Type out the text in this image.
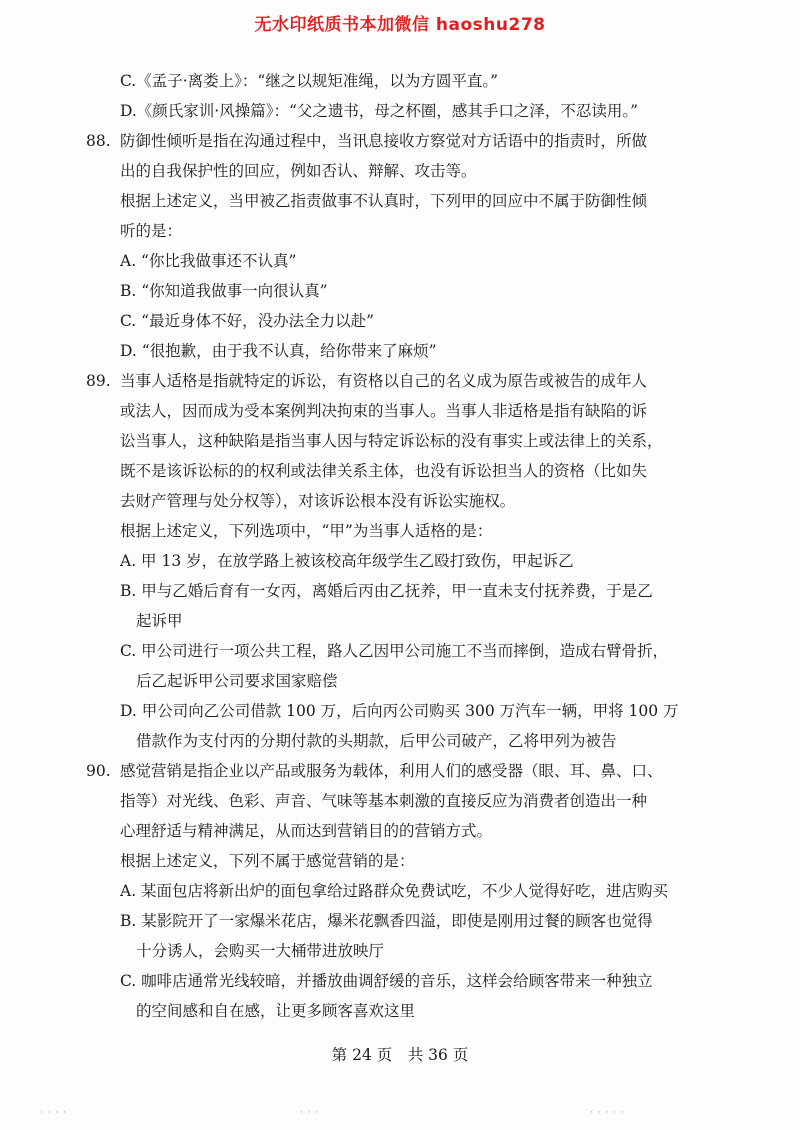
无水印纸质书本加微信 haoshu278
C.《孟子·离娄上》：“继之以规矩准绳，以为方圆平直。”
D.《颜氏家训·风操篇》：“父之遗书，母之杯圈，感其手口之泽，不忍读用。”
88. 防御性倾听是指在沟通过程中，当讯息接收方察觉对方话语中的指责时，所做
出的自我保护性的回应，例如否认、辩解、攻击等。
根据上述定义，当甲被乙指责做事不认真时，下列甲的回应中不属于防御性倾
听的是：
A. “你比我做事还不认真”
B. “你知道我做事一向很认真”
C. “最近身体不好，没办法全力以赴”
D. “很抱歉，由于我不认真，给你带来了麻烦”
89. 当事人适格是指就特定的诉讼，有资格以自己的名义成为原告或被告的成年人
或法人，因而成为受本案例判决拘束的当事人。当事人非适格是指有缺陷的诉
讼当事人，这种缺陷是指当事人因与特定诉讼标的没有事实上或法律上的关系，
既不是该诉讼标的的权利或法律关系主体，也没有诉讼担当人的资格（比如失
去财产管理与处分权等），对该诉讼根本没有诉讼实施权。
根据上述定义，下列选项中，“甲”为当事人适格的是：
A. 甲 13 岁，在放学路上被该校高年级学生乙殴打致伤，甲起诉乙
B. 甲与乙婚后育有一女丙，离婚后丙由乙抚养，甲一直未支付抚养费，于是乙
起诉甲
C. 甲公司进行一项公共工程，路人乙因甲公司施工不当而摔倒，造成右臂骨折，
后乙起诉甲公司要求国家赔偿
D. 甲公司向乙公司借款 100 万，后向丙公司购买 300 万汽车一辆，甲将 100 万
借款作为支付丙的分期付款的头期款，后甲公司破产，乙将甲列为被告
90. 感觉营销是指企业以产品或服务为载体，利用人们的感受器（眼、耳、鼻、口、
指等）对光线、色彩、声音、气味等基本刺激的直接反应为消费者创造出一种
心理舒适与精神满足，从而达到营销目的的营销方式。
根据上述定义，下列不属于感觉营销的是：
A. 某面包店将新出炉的面包拿给过路群众免费试吃，不少人觉得好吃，进店购买
B. 某影院开了一家爆米花店，爆米花飘香四溢，即使是刚用过餐的顾客也觉得
十分诱人，会购买一大桶带进放映厅
C. 咖啡店通常光线较暗，并播放曲调舒缓的音乐，这样会给顾客带来一种独立
的空间感和自在感，让更多顾客喜欢这里
第 24 页　共 36 页
· · · ·	· · ·	· · · · ·
